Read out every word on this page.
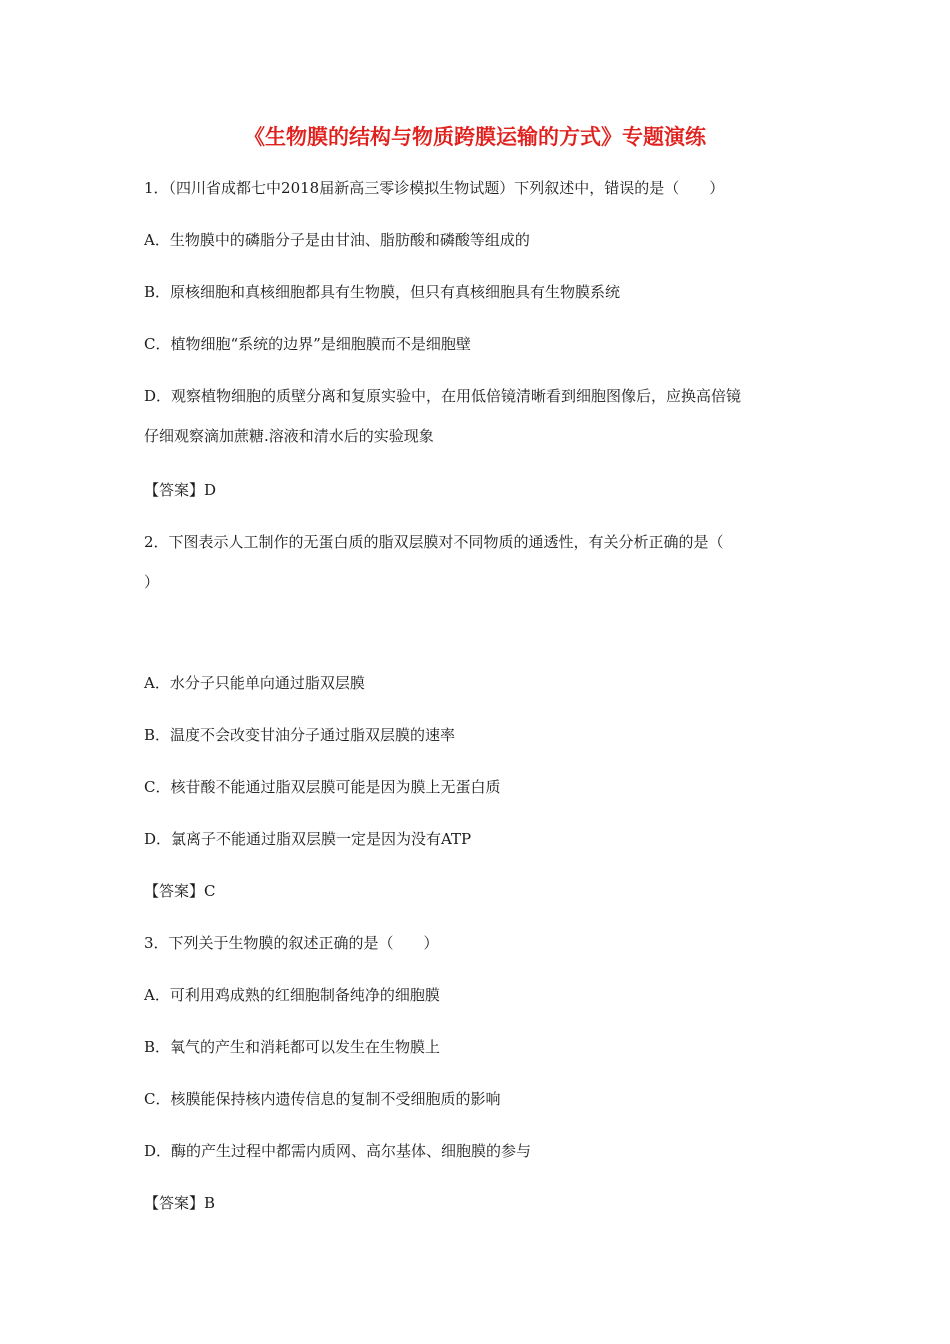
《生物膜的结构与物质跨膜运输的方式》专题演练

1．（四川省成都七中2018届新高三零诊模拟生物试题）下列叙述中，错误的是（　　）

A．生物膜中的磷脂分子是由甘油、脂肪酸和磷酸等组成的

B．原核细胞和真核细胞都具有生物膜，但只有真核细胞具有生物膜系统

C．植物细胞“系统的边界”是细胞膜而不是细胞壁

D．观察植物细胞的质壁分离和复原实验中，在用低倍镜清晰看到细胞图像后，应换高倍镜

仔细观察滴加蔗糖.溶液和清水后的实验现象

【答案】D

2．下图表示人工制作的无蛋白质的脂双层膜对不同物质的通透性，有关分析正确的是（

）

A．水分子只能单向通过脂双层膜

B．温度不会改变甘油分子通过脂双层膜的速率

C．核苷酸不能通过脂双层膜可能是因为膜上无蛋白质

D．氯离子不能通过脂双层膜一定是因为没有ATP

【答案】C

3．下列关于生物膜的叙述正确的是（　　）

A．可利用鸡成熟的红细胞制备纯净的细胞膜

B．氧气的产生和消耗都可以发生在生物膜上

C．核膜能保持核内遗传信息的复制不受细胞质的影响

D．酶的产生过程中都需内质网、高尔基体、细胞膜的参与

【答案】B
